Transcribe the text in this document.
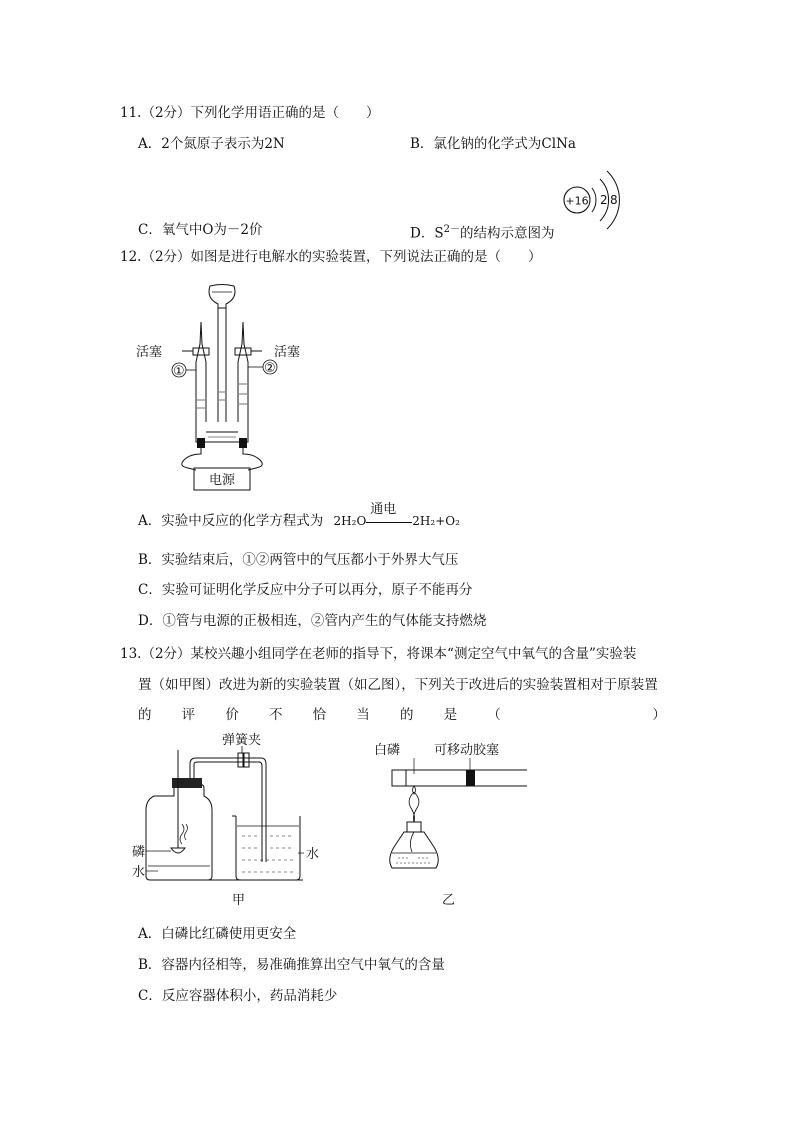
11.（2分）下列化学用语正确的是（　　）
A．2个氮原子表示为2N	B．氯化钠的化学式为ClNa
C．氧气中O为－2价	D．$S^{2-}$的结构示意图为
+16 2 8
12.（2分）如图是进行电解水的实验装置，下列说法正确的是（　　）
活塞	活塞
①	②
电源
A．实验中反应的化学方程式为 2H₂O
通电
2H₂+O₂
B．实验结束后，①②两管中的气压都小于外界大气压
C．实验可证明化学反应中分子可以再分，原子不能再分
D．①管与电源的正极相连，②管内产生的气体能支持燃烧
13.（2分）某校兴趣小组同学在老师的指导下，将课本“测定空气中氧气的含量”实验装
置（如甲图）改进为新的实验装置（如乙图），下列关于改进后的实验装置相对于原装置
的 评 价 不 恰 当 的 是 （ 　　　　　　　　　）
弹簧夹
磷
水
水
甲
白磷	可移动胶塞
乙
A．白磷比红磷使用更安全
B．容器内径相等，易准确推算出空气中氧气的含量
C．反应容器体积小，药品消耗少
